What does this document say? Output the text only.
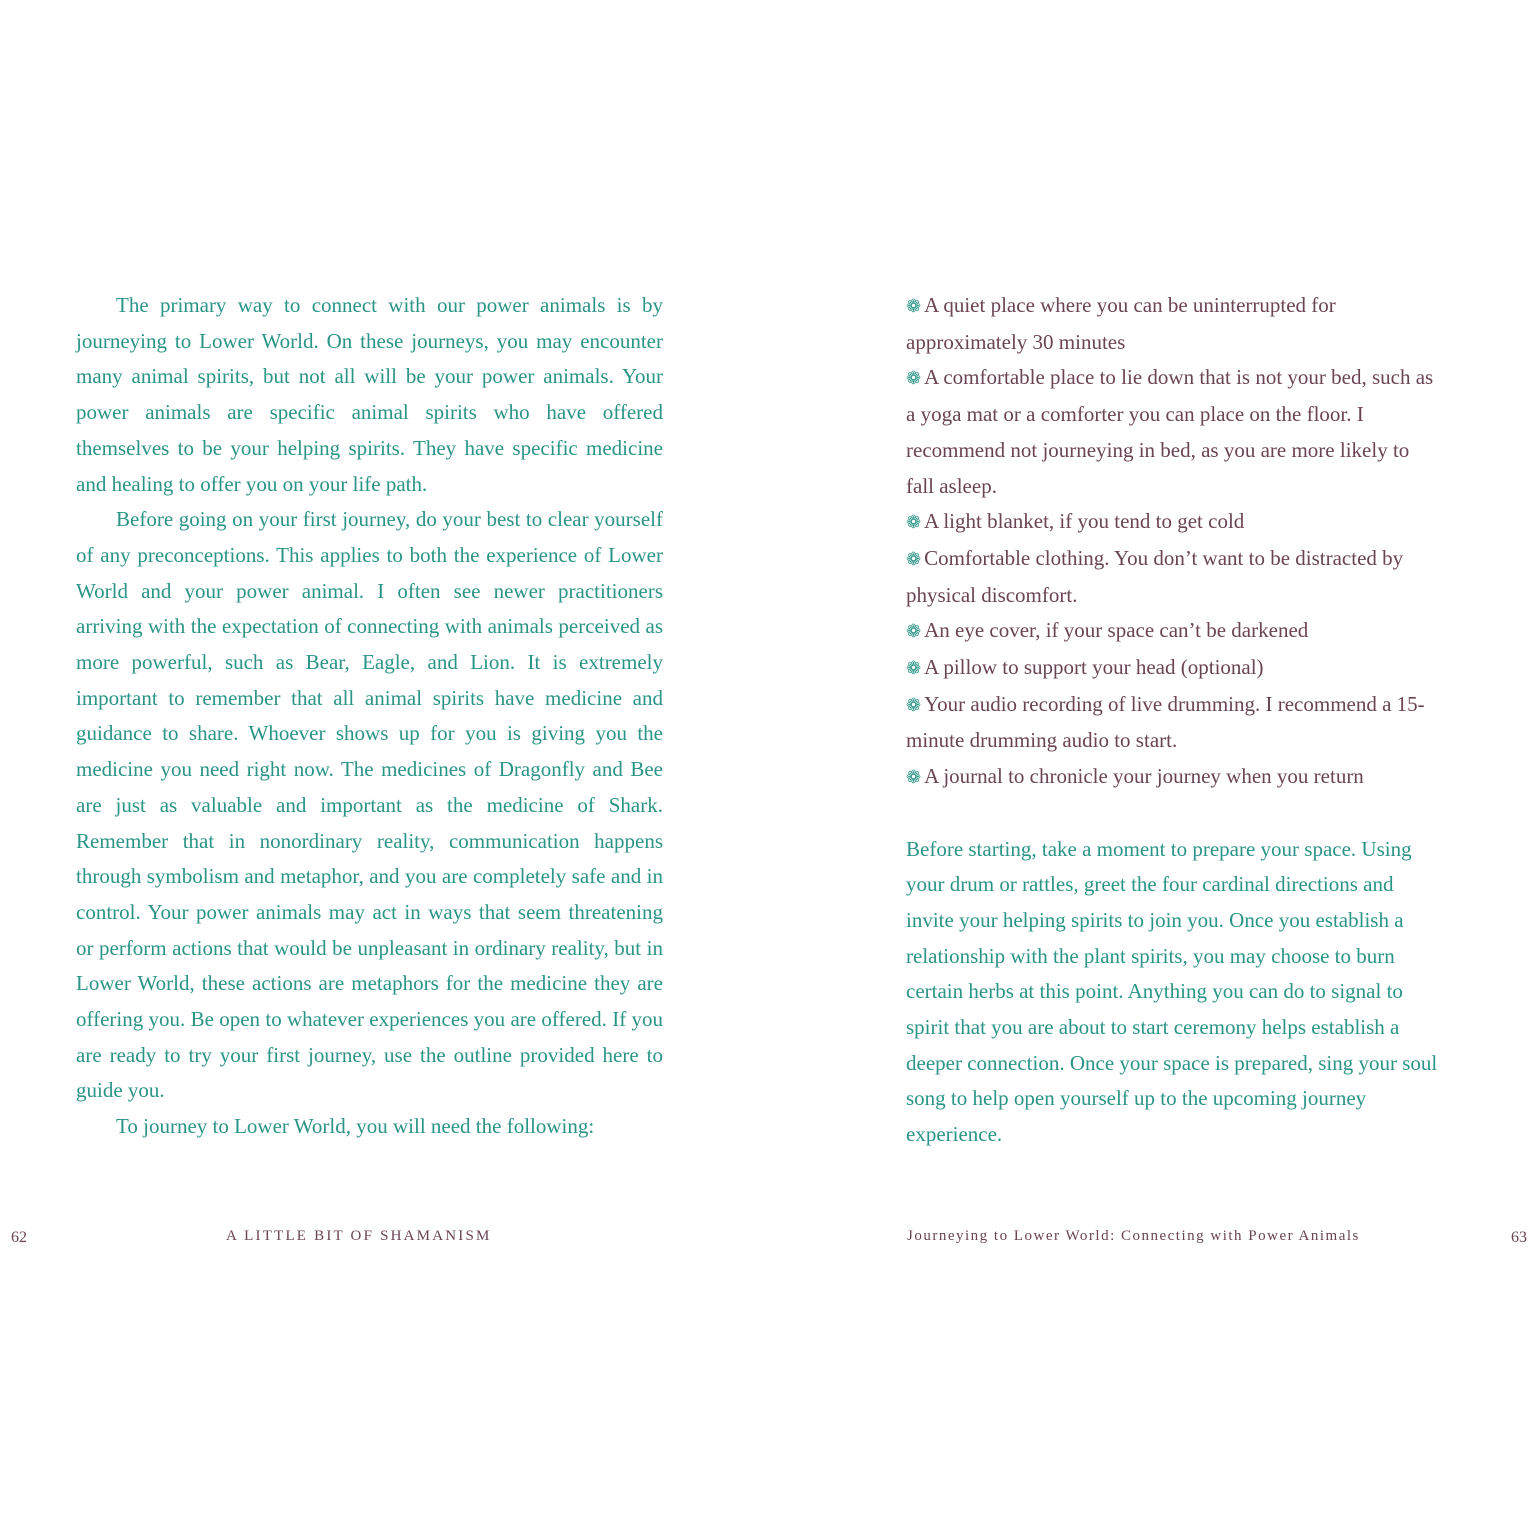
The primary way to connect with our power animals is by journeying to Lower World. On these journeys, you may encounter many animal spirits, but not all will be your power animals. Your power animals are specific animal spirits who have offered themselves to be your helping spirits. They have specific medicine and healing to offer you on your life path.

Before going on your first journey, do your best to clear yourself of any preconceptions. This applies to both the experience of Lower World and your power animal. I often see newer practitioners arriving with the expectation of connecting with animals perceived as more powerful, such as Bear, Eagle, and Lion. It is extremely important to remember that all animal spirits have medicine and guidance to share. Whoever shows up for you is giving you the medicine you need right now. The medicines of Dragonfly and Bee are just as valuable and important as the medicine of Shark. Remember that in nonordinary reality, communication happens through symbolism and metaphor, and you are completely safe and in control. Your power animals may act in ways that seem threatening or perform actions that would be unpleasant in ordinary reality, but in Lower World, these actions are metaphors for the medicine they are offering you. Be open to whatever experiences you are offered. If you are ready to try your first journey, use the outline provided here to guide you.

To journey to Lower World, you will need the following:

62	A LITTLE BIT OF SHAMANISM
❁ A quiet place where you can be uninterrupted for approximately 30 minutes
❁ A comfortable place to lie down that is not your bed, such as a yoga mat or a comforter you can place on the floor. I recommend not journeying in bed, as you are more likely to fall asleep.
❁ A light blanket, if you tend to get cold
❁ Comfortable clothing. You don’t want to be distracted by physical discomfort.
❁ An eye cover, if your space can’t be darkened
❁ A pillow to support your head (optional)
❁ Your audio recording of live drumming. I recommend a 15-minute drumming audio to start.
❁ A journal to chronicle your journey when you return

Before starting, take a moment to prepare your space. Using your drum or rattles, greet the four cardinal directions and invite your helping spirits to join you. Once you establish a relationship with the plant spirits, you may choose to burn certain herbs at this point. Anything you can do to signal to spirit that you are about to start ceremony helps establish a deeper connection. Once your space is prepared, sing your soul song to help open yourself up to the upcoming journey experience.

Journeying to Lower World: Connecting with Power Animals	63
